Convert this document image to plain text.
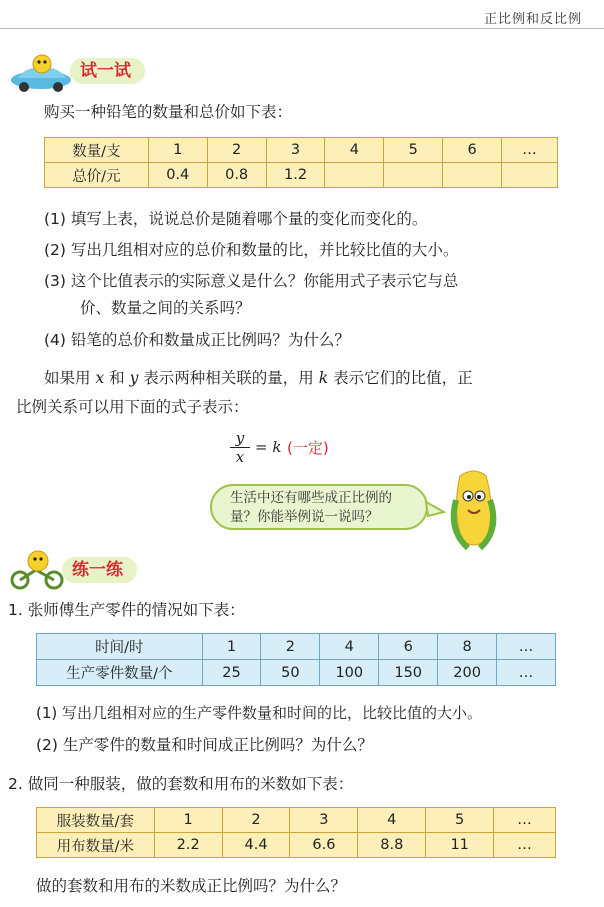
正比例和反比例
试一试
购买一种铅笔的数量和总价如下表：
数量/支	1	2	3	4	5	6	…
总价/元	0.4	0.8	1.2				
(1) 填写上表，说说总价是随着哪个量的变化而变化的。
(2) 写出几组相对应的总价和数量的比，并比较比值的大小。
(3) 这个比值表示的实际意义是什么？你能用式子表示它与总
价、数量之间的关系吗？
(4) 铅笔的总价和数量成正比例吗？为什么？
如果用 x 和 y 表示两种相关联的量，用 k 表示它们的比值，正
比例关系可以用下面的式子表示：
y
x
= k (一定)
生活中还有哪些成正比例的
量？你能举例说一说吗？
练一练
1. 张师傅生产零件的情况如下表：
时间/时	1	2	4	6	8	…
生产零件数量/个	25	50	100	150	200	…
(1) 写出几组相对应的生产零件数量和时间的比，比较比值的大小。
(2) 生产零件的数量和时间成正比例吗？为什么？
2. 做同一种服装，做的套数和用布的米数如下表：
服装数量/套	1	2	3	4	5	…
用布数量/米	2.2	4.4	6.6	8.8	11	…
做的套数和用布的米数成正比例吗？为什么？
